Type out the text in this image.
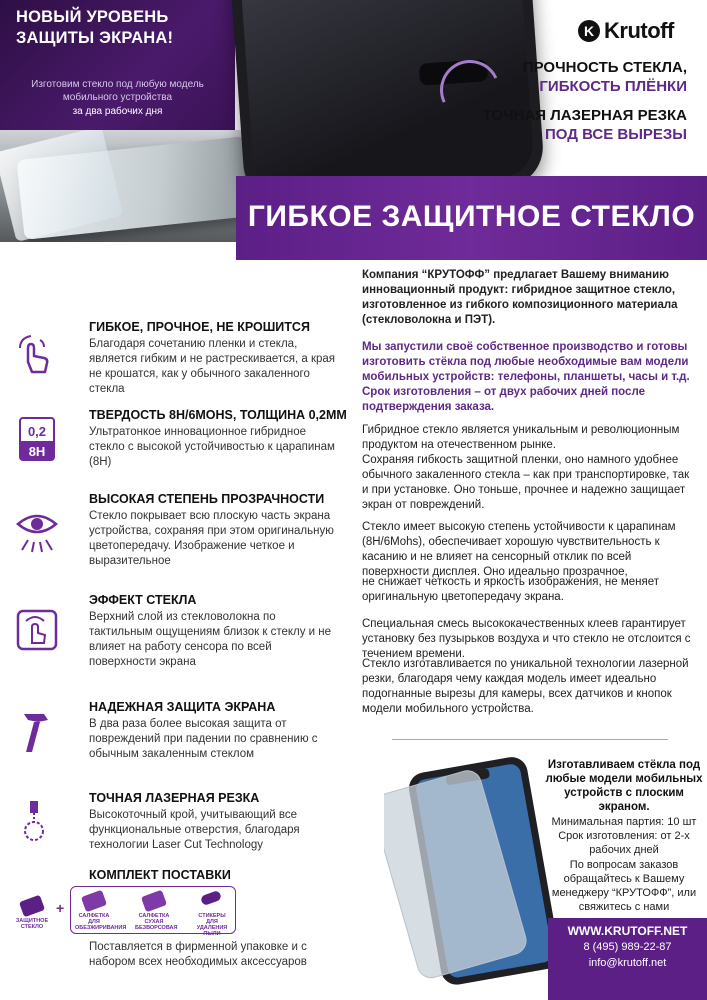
НОВЫЙ УРОВЕНЬ
ЗАЩИТЫ ЭКРАНА!
Изготовим стекло под любую модель
мобильного устройства
за два рабочих дня
K Krutoff
ПРОЧНОСТЬ СТЕКЛА,
ГИБКОСТЬ ПЛЁНКИ
ТОЧНАЯ ЛАЗЕРНАЯ РЕЗКА
ПОД ВСЕ ВЫРЕЗЫ
ГИБКОЕ ЗАЩИТНОЕ СТЕКЛО
ГИБКОЕ, ПРОЧНОЕ, НЕ КРОШИТСЯ
Благодаря сочетанию пленки и стекла, является гибким и не растрескивается, а края не крошатся, как у обычного закаленного стекла
0,2
8H
ТВЕРДОСТЬ 8H/6MOHS, ТОЛЩИНА 0,2ММ
Ультратонкое инновационное гибридное стекло с высокой устойчивостью к царапинам (8H)
ВЫСОКАЯ СТЕПЕНЬ ПРОЗРАЧНОСТИ
Стекло покрывает всю плоскую часть экрана устройства, сохраняя при этом оригинальную цветопередачу. Изображение четкое и выразительное
ЭФФЕКТ СТЕКЛА
Верхний слой из стекловолокна по тактильным ощущениям близок к стеклу и не влияет на работу сенсора по всей поверхности экрана
НАДЕЖНАЯ ЗАЩИТА ЭКРАНА
В два раза более высокая защита от повреждений при падении по сравнению с обычным закаленным стеклом
ТОЧНАЯ ЛАЗЕРНАЯ РЕЗКА
Высокоточный крой, учитывающий все функциональные отверстия, благодаря технологии Laser Cut Technology
КОМПЛЕКТ ПОСТАВКИ
ЗАЩИТНОЕ СТЕКЛО
+	САЛФЕТКА ДЛЯ ОБЕЗЖИРИВАНИЯ
САЛФЕТКА СУХАЯ БЕЗВОРСОВАЯ
СТИКЕРЫ ДЛЯ УДАЛЕНИЯ ПЫЛИ
Поставляется в фирменной упаковке и с набором всех необходимых аксессуаров
Компания “КРУТОФФ” предлагает Вашему вниманию инновационный продукт: гибридное защитное стекло, изготовленное из гибкого композиционного материала (стекловолокна и ПЭТ).
Мы запустили своё собственное производство и готовы изготовить стёкла под любые необходимые вам модели мобильных устройств: телефоны, планшеты, часы и т.д. Срок изготовления – от двух рабочих дней после подтверждения заказа.
Гибридное стекло является уникальным и революционным продуктом на отечественном рынке.
Сохраняя гибкость защитной пленки, оно намного удобнее обычного закаленного стекла – как при транспортировке, так и при установке. Оно тоньше, прочнее и надежно защищает экран от повреждений.
Стекло имеет высокую степень устойчивости к царапинам (8H/6Mohs), обеспечивает хорошую чувствительность к касанию и не влияет на сенсорный отклик по всей поверхности дисплея. Оно идеально прозрачное,
не снижает четкость и яркость изображения, не меняет оригинальную цветопередачу экрана.
Специальная смесь высококачественных клеев гарантирует установку без пузырьков воздуха и что стекло не отслоится с течением времени.
Стекло изготавливается по уникальной технологии лазерной резки, благодаря чему каждая модель имеет идеально подогнанные вырезы для камеры, всех датчиков и кнопок модели мобильного устройства.
Изготавливаем стёкла под любые модели мобильных устройств с плоским экраном.
Минимальная партия: 10 шт
Срок изготовления: от 2-х рабочих дней
По вопросам заказов обращайтесь к Вашему менеджеру “КРУТОФФ”, или свяжитесь с нами
WWW.KRUTOFF.NET
8 (495) 989-22-87
info@krutoff.net
